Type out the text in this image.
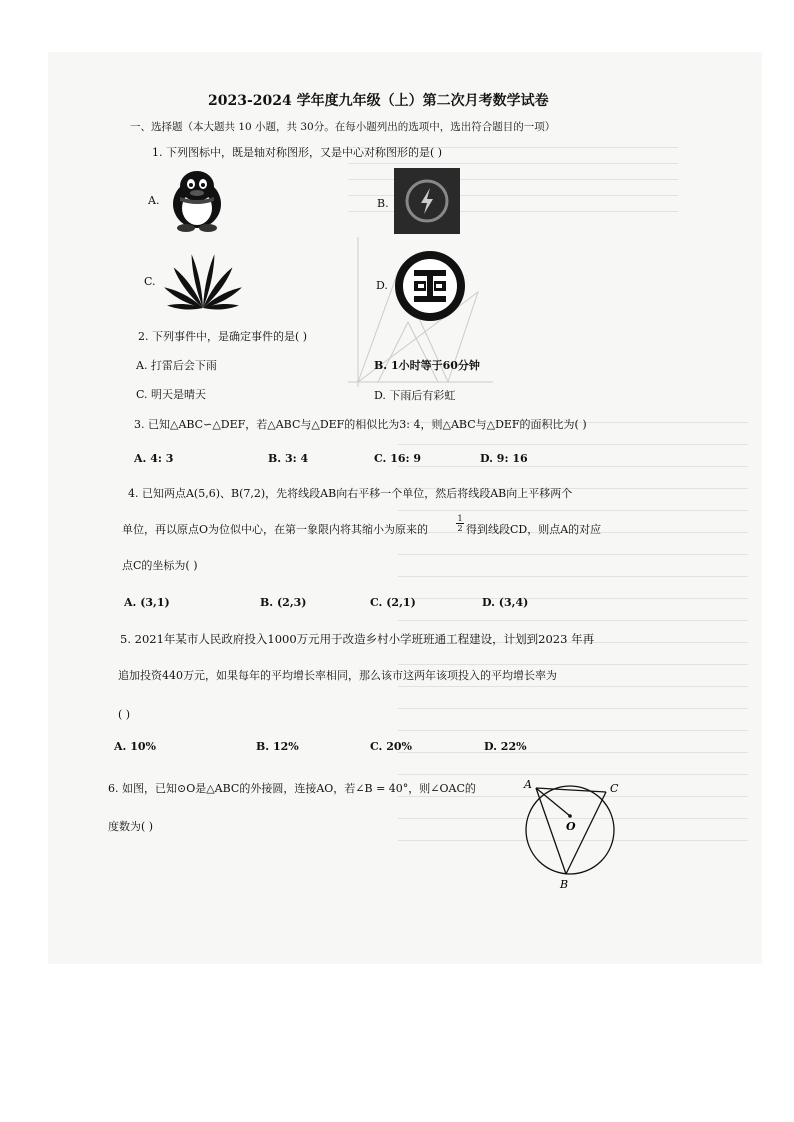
2023-2024 学年度九年级（上）第二次月考数学试卷
一、选择题（本大题共 10 小题，共 30分。在每小题列出的选项中，选出符合题目的一项）
1. 下列图标中，既是轴对称图形，又是中心对称图形的是( )
A.	B.
C.	D.
2. 下列事件中，是确定事件的是( )
A. 打雷后会下雨	B. 1小时等于60分钟
C. 明天是晴天	D. 下雨后有彩虹
3. 已知△ABC∽△DEF，若△ABC与△DEF的相似比为3: 4，则△ABC与△DEF的面积比为( )
A. 4: 3	B. 3: 4	C. 16: 9	D. 9: 16
4. 已知两点A(5,6)、B(7,2)，先将线段AB向右平移一个单位，然后将线段AB向上平移两个
单位，再以原点O为位似中心，在第一象限内将其缩小为原来的	$\frac{1}{2}$ 得到线段CD，则点A的对应
点C的坐标为( )
A. (3,1)	B. (2,3)	C. (2,1)	D. (3,4)
5. 2021年某市人民政府投入1000万元用于改造乡村小学班班通工程建设，计划到2023 年再
追加投资440万元，如果每年的平均增长率相同，那么该市这两年该项投入的平均增长率为
( )
A. 10%	B. 12%	C. 20%	D. 22%
6. 如图，已知⊙O是△ABC的外接圆，连接AO，若∠B = 40°，则∠OAC的
度数为( )
A	C
O
B
